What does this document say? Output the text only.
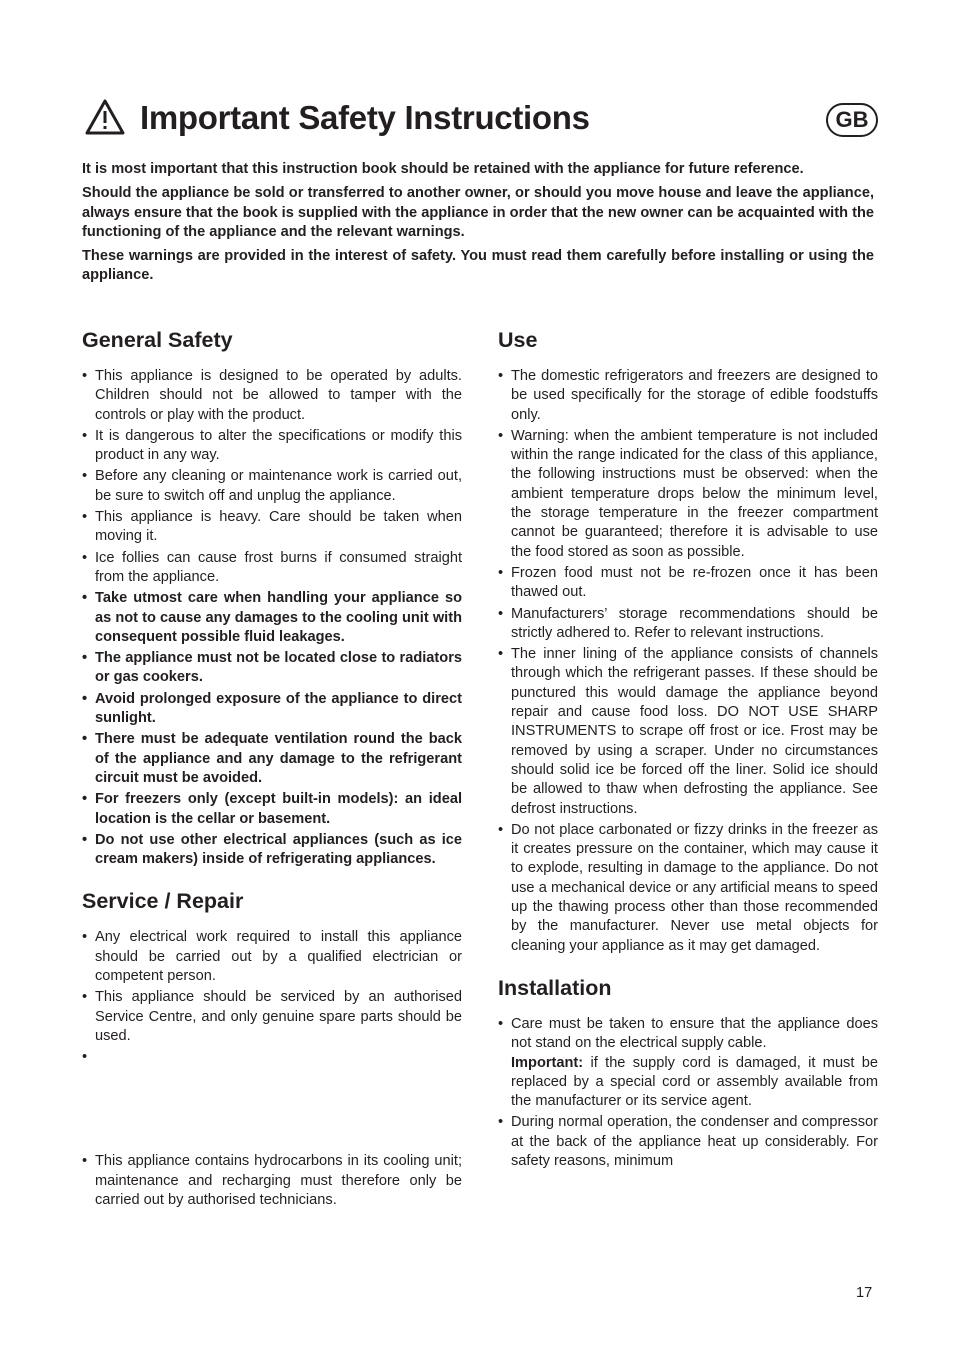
Important Safety Instructions	GB

It is most important that this instruction book should be retained with the appliance for future reference.

Should the appliance be sold or transferred to another owner, or should you move house and leave the appliance, always ensure that the book is supplied with the appliance in order that the new owner can be acquainted with the functioning of the appliance and the relevant warnings.

These warnings are provided in the interest of safety. You must read them carefully before installing or using the appliance.

General Safety
• This appliance is designed to be operated by adults. Children should not be allowed to tamper with the controls or play with the product.
• It is dangerous to alter the specifications or modify this product in any way.
• Before any cleaning or maintenance work is carried out, be sure to switch off and unplug the appliance.
• This appliance is heavy. Care should be taken when moving it.
• Ice follies can cause frost burns if consumed straight from the appliance.
• Take utmost care when handling your appliance so as not to cause any damages to the cooling unit with consequent possible fluid leakages.
• The appliance must not be located close to radiators or gas cookers.
• Avoid prolonged exposure of the appliance to direct sunlight.
• There must be adequate ventilation round the back of the appliance and any damage to the refrigerant circuit must be avoided.
• For freezers only (except built-in models): an ideal location is the cellar or basement.
• Do not use other electrical appliances (such as ice cream makers) inside of refrigerating appliances.
Service / Repair
• Any electrical work required to install this appliance should be carried out by a qualified electrician or competent person.
• This appliance should be serviced by an authorised Service Centre, and only genuine spare parts should be used.
• This appliance contains hydrocarbons in its cooling unit; maintenance and recharging must therefore only be carried out by authorised technicians.
Use
• The domestic refrigerators and freezers are designed to be used specifically for the storage of edible foodstuffs only.
• Warning: when the ambient temperature is not included within the range indicated for the class of this appliance, the following instructions must be observed: when the ambient temperature drops below the minimum level, the storage temperature in the freezer compartment cannot be guaranteed; therefore it is advisable to use the food stored as soon as possible.
• Frozen food must not be re-frozen once it has been thawed out.
• Manufacturers’ storage recommendations should be strictly adhered to. Refer to relevant instructions.
• The inner lining of the appliance consists of channels through which the refrigerant passes. If these should be punctured this would damage the appliance beyond repair and cause food loss. DO NOT USE SHARP INSTRUMENTS to scrape off frost or ice. Frost may be removed by using a scraper. Under no circumstances should solid ice be forced off the liner. Solid ice should be allowed to thaw when defrosting the appliance. See defrost instructions.
• Do not place carbonated or fizzy drinks in the freezer as it creates pressure on the container, which may cause it to explode, resulting in damage to the appliance. Do not use a mechanical device or any artificial means to speed up the thawing process other than those recommended by the manufacturer. Never use metal objects for cleaning your appliance as it may get damaged.
Installation
• Care must be taken to ensure that the appliance does not stand on the electrical supply cable.
Important: if the supply cord is damaged, it must be replaced by a special cord or assembly available from the manufacturer or its service agent.
• During normal operation, the condenser and compressor at the back of the appliance heat up considerably. For safety reasons, minimum
17
